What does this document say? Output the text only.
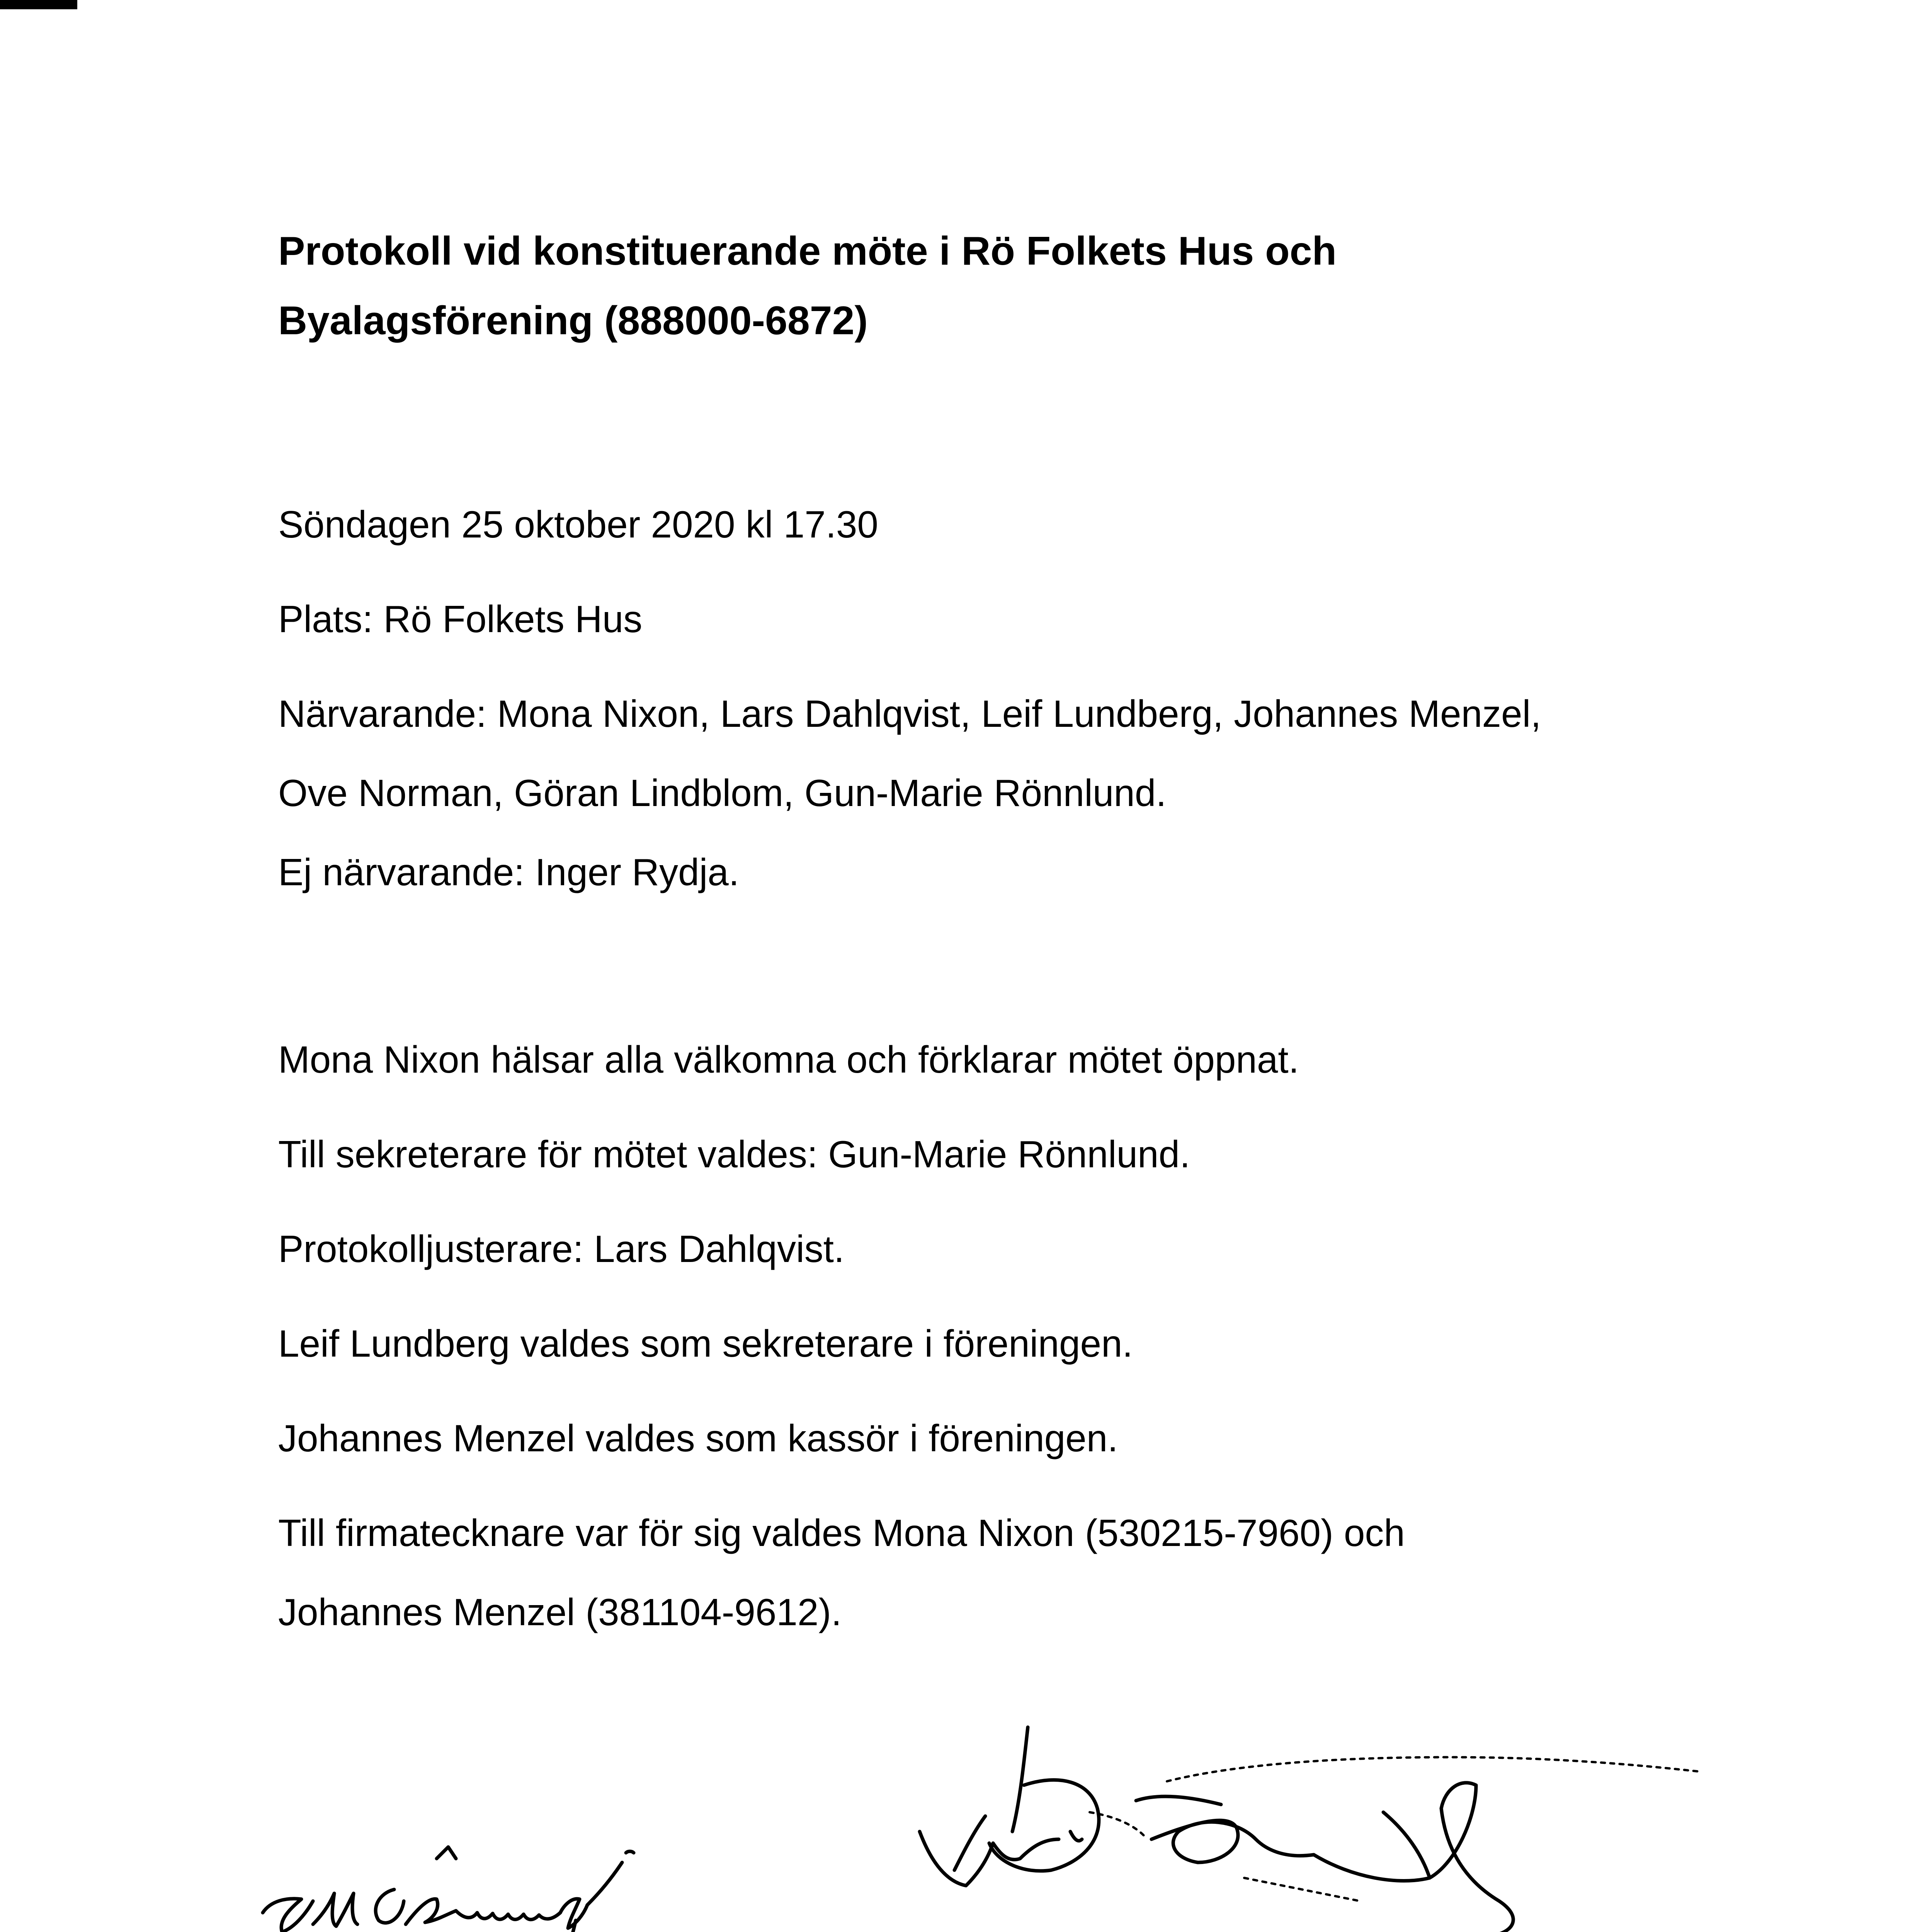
Protokoll vid konstituerande möte i Rö Folkets Hus och
Byalagsförening (888000-6872)
Söndagen 25 oktober 2020 kl 17.30
Plats: Rö Folkets Hus
Närvarande: Mona Nixon, Lars Dahlqvist, Leif Lundberg, Johannes Menzel,
Ove Norman, Göran Lindblom, Gun-Marie Rönnlund.
Ej närvarande: Inger Rydja.
Mona Nixon hälsar alla välkomna och förklarar mötet öppnat.
Till sekreterare för mötet valdes: Gun-Marie Rönnlund.
Protokolljusterare: Lars Dahlqvist.
Leif Lundberg valdes som sekreterare i föreningen.
Johannes Menzel valdes som kassör i föreningen.
Till firmatecknare var för sig valdes Mona Nixon (530215-7960) och
Johannes Menzel (381104-9612).
